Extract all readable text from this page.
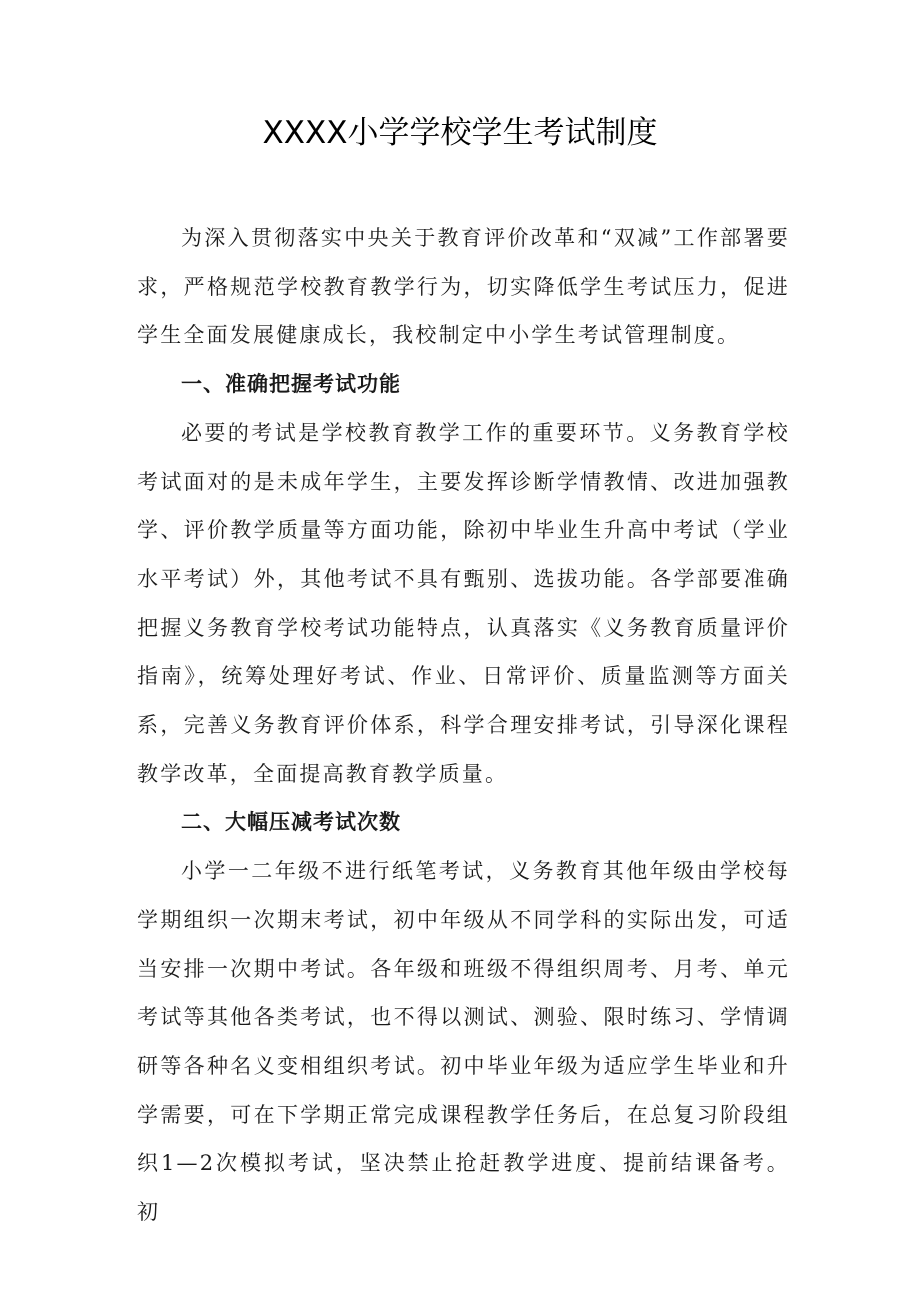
XXXX小学学校学生考试制度

为深入贯彻落实中央关于教育评价改革和“双减”工作部署要求，严格规范学校教育教学行为，切实降低学生考试压力，促进学生全面发展健康成长，我校制定中小学生考试管理制度。

一、准确把握考试功能

必要的考试是学校教育教学工作的重要环节。义务教育学校考试面对的是未成年学生，主要发挥诊断学情教情、改进加强教学、评价教学质量等方面功能，除初中毕业生升高中考试（学业水平考试）外，其他考试不具有甄别、选拔功能。各学部要准确把握义务教育学校考试功能特点，认真落实《义务教育质量评价指南》，统筹处理好考试、作业、日常评价、质量监测等方面关系，完善义务教育评价体系，科学合理安排考试，引导深化课程教学改革，全面提高教育教学质量。

二、大幅压减考试次数

小学一二年级不进行纸笔考试，义务教育其他年级由学校每学期组织一次期末考试，初中年级从不同学科的实际出发，可适当安排一次期中考试。各年级和班级不得组织周考、月考、单元考试等其他各类考试，也不得以测试、测验、限时练习、学情调研等各种名义变相组织考试。初中毕业年级为适应学生毕业和升学需要，可在下学期正常完成课程教学任务后，在总复习阶段组织1—2次模拟考试，坚决禁止抢赶教学进度、提前结课备考。初
